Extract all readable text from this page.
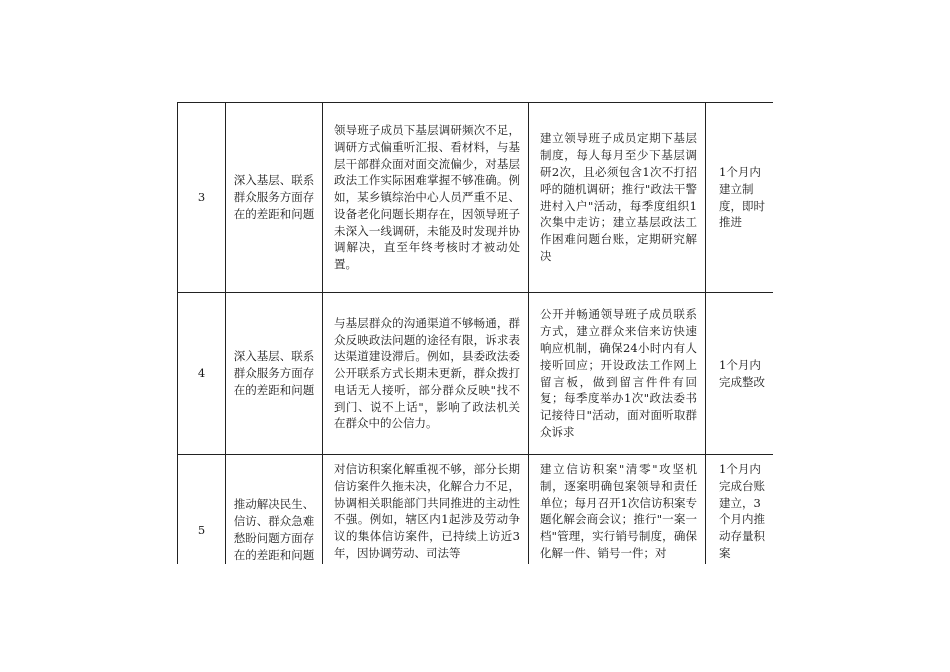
3	深入基层、联系群众服务方面存在的差距和问题	领导班子成员下基层调研频次不足，调研方式偏重听汇报、看材料，与基层干部群众面对面交流偏少，对基层政法工作实际困难掌握不够准确。例如，某乡镇综治中心人员严重不足、设备老化问题长期存在，因领导班子未深入一线调研，未能及时发现并协调解决，直至年终考核时才被动处置。	建立领导班子成员定期下基层制度，每人每月至少下基层调研2次，且必须包含1次不打招呼的随机调研；推行"政法干警进村入户"活动，每季度组织1次集中走访；建立基层政法工作困难问题台账，定期研究解决	1个月内建立制度，即时推进
4	深入基层、联系群众服务方面存在的差距和问题	与基层群众的沟通渠道不够畅通，群众反映政法问题的途径有限，诉求表达渠道建设滞后。例如，县委政法委公开联系方式长期未更新，群众拨打电话无人接听，部分群众反映"找不到门、说不上话"，影响了政法机关在群众中的公信力。	公开并畅通领导班子成员联系方式，建立群众来信来访快速响应机制，确保24小时内有人接听回应；开设政法工作网上留言板，做到留言件件有回复；每季度举办1次"政法委书记接待日"活动，面对面听取群众诉求	1个月内完成整改
5	推动解决民生、信访、群众急难愁盼问题方面存在的差距和问题	对信访积案化解重视不够，部分长期信访案件久拖未决，化解合力不足，协调相关职能部门共同推进的主动性不强。例如，辖区内1起涉及劳动争议的集体信访案件，已持续上访近3年，因协调劳动、司法等	建立信访积案"清零"攻坚机制，逐案明确包案领导和责任单位；每月召开1次信访积案专题化解会商会议；推行"一案一档"管理，实行销号制度，确保化解一件、销号一件；对	1个月内完成台账建立，3个月内推动存量积案
